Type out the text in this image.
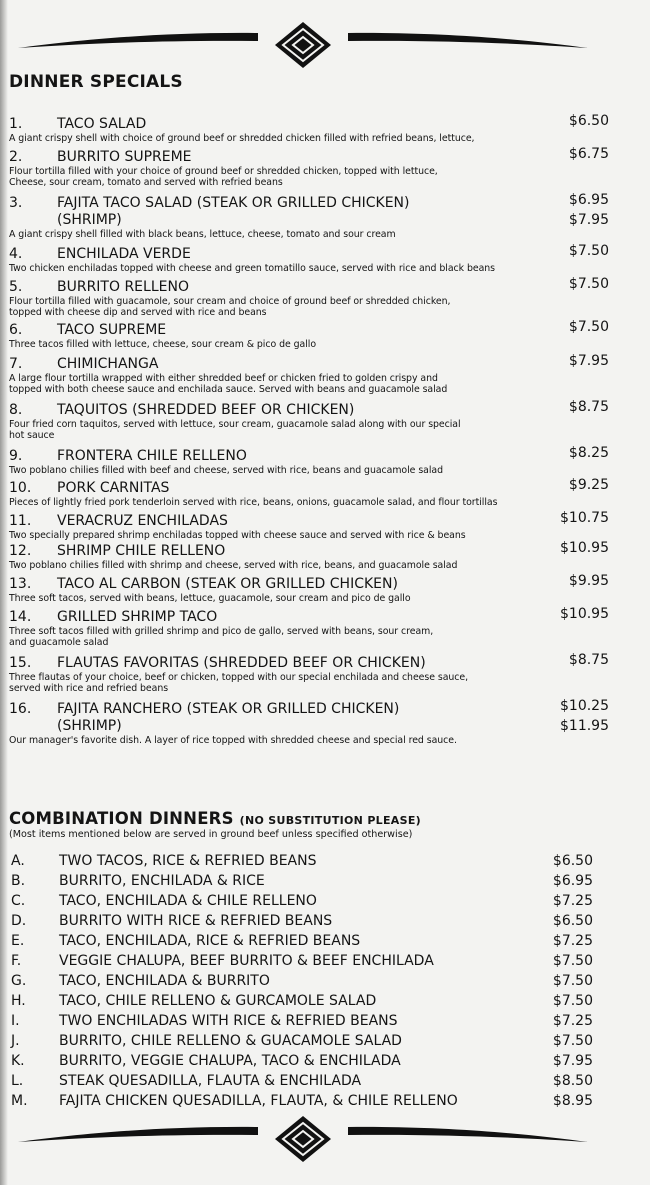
DINNER SPECIALS
1. TACO SALAD	$6.50
A giant crispy shell with choice of ground beef or shredded chicken filled with refried beans, lettuce,
2. BURRITO SUPREME	$6.75
Flour tortilla filled with your choice of ground beef or shredded chicken, topped with lettuce,
Cheese, sour cream, tomato and served with refried beans
3. FAJITA TACO SALAD (STEAK OR GRILLED CHICKEN)	$6.95
(SHRIMP)	$7.95
A giant crispy shell filled with black beans, lettuce, cheese, tomato and sour cream
4. ENCHILADA VERDE	$7.50
Two chicken enchiladas topped with cheese and green tomatillo sauce, served with rice and black beans
5. BURRITO RELLENO	$7.50
Flour tortilla filled with guacamole, sour cream and choice of ground beef or shredded chicken,
topped with cheese dip and served with rice and beans
6. TACO SUPREME	$7.50
Three tacos filled with lettuce, cheese, sour cream & pico de gallo
7. CHIMICHANGA	$7.95
A large flour tortilla wrapped with either shredded beef or chicken fried to golden crispy and
topped with both cheese sauce and enchilada sauce. Served with beans and guacamole salad
8. TAQUITOS (SHREDDED BEEF OR CHICKEN)	$8.75
Four fried corn taquitos, served with lettuce, sour cream, guacamole salad along with our special
hot sauce
9. FRONTERA CHILE RELLENO	$8.25
Two poblano chilies filled with beef and cheese, served with rice, beans and guacamole salad
10. PORK CARNITAS	$9.25
Pieces of lightly fried pork tenderloin served with rice, beans, onions, guacamole salad, and flour tortillas
11. VERACRUZ ENCHILADAS	$10.75
Two specially prepared shrimp enchiladas topped with cheese sauce and served with rice & beans
12. SHRIMP CHILE RELLENO	$10.95
Two poblano chilies filled with shrimp and cheese, served with rice, beans, and guacamole salad
13. TACO AL CARBON (STEAK OR GRILLED CHICKEN)	$9.95
Three soft tacos, served with beans, lettuce, guacamole, sour cream and pico de gallo
14. GRILLED SHRIMP TACO	$10.95
Three soft tacos filled with grilled shrimp and pico de gallo, served with beans, sour cream,
and guacamole salad
15. FLAUTAS FAVORITAS (SHREDDED BEEF OR CHICKEN)	$8.75
Three flautas of your choice, beef or chicken, topped with our special enchilada and cheese sauce,
served with rice and refried beans
16. FAJITA RANCHERO (STEAK OR GRILLED CHICKEN)	$10.25
(SHRIMP)	$11.95
Our manager's favorite dish. A layer of rice topped with shredded cheese and special red sauce.
COMBINATION DINNERS (NO SUBSTITUTION PLEASE)
(Most items mentioned below are served in ground beef unless specified otherwise)
A. TWO TACOS, RICE & REFRIED BEANS	$6.50
B. BURRITO, ENCHILADA & RICE	$6.95
C. TACO, ENCHILADA & CHILE RELLENO	$7.25
D. BURRITO WITH RICE & REFRIED BEANS	$6.50
E. TACO, ENCHILADA, RICE & REFRIED BEANS	$7.25
F.	VEGGIE CHALUPA, BEEF BURRITO & BEEF ENCHILADA	$7.50
G. TACO, ENCHILADA & BURRITO	$7.50
H. TACO, CHILE RELLENO & GURCAMOLE SALAD	$7.50
I.	TWO ENCHILADAS WITH RICE & REFRIED BEANS	$7.25
J.	BURRITO, CHILE RELLENO & GUACAMOLE SALAD	$7.50
K. BURRITO, VEGGIE CHALUPA, TACO & ENCHILADA	$7.95
L.	STEAK QUESADILLA, FLAUTA & ENCHILADA	$8.50
M. FAJITA CHICKEN QUESADILLA, FLAUTA, & CHILE RELLENO	$8.95
